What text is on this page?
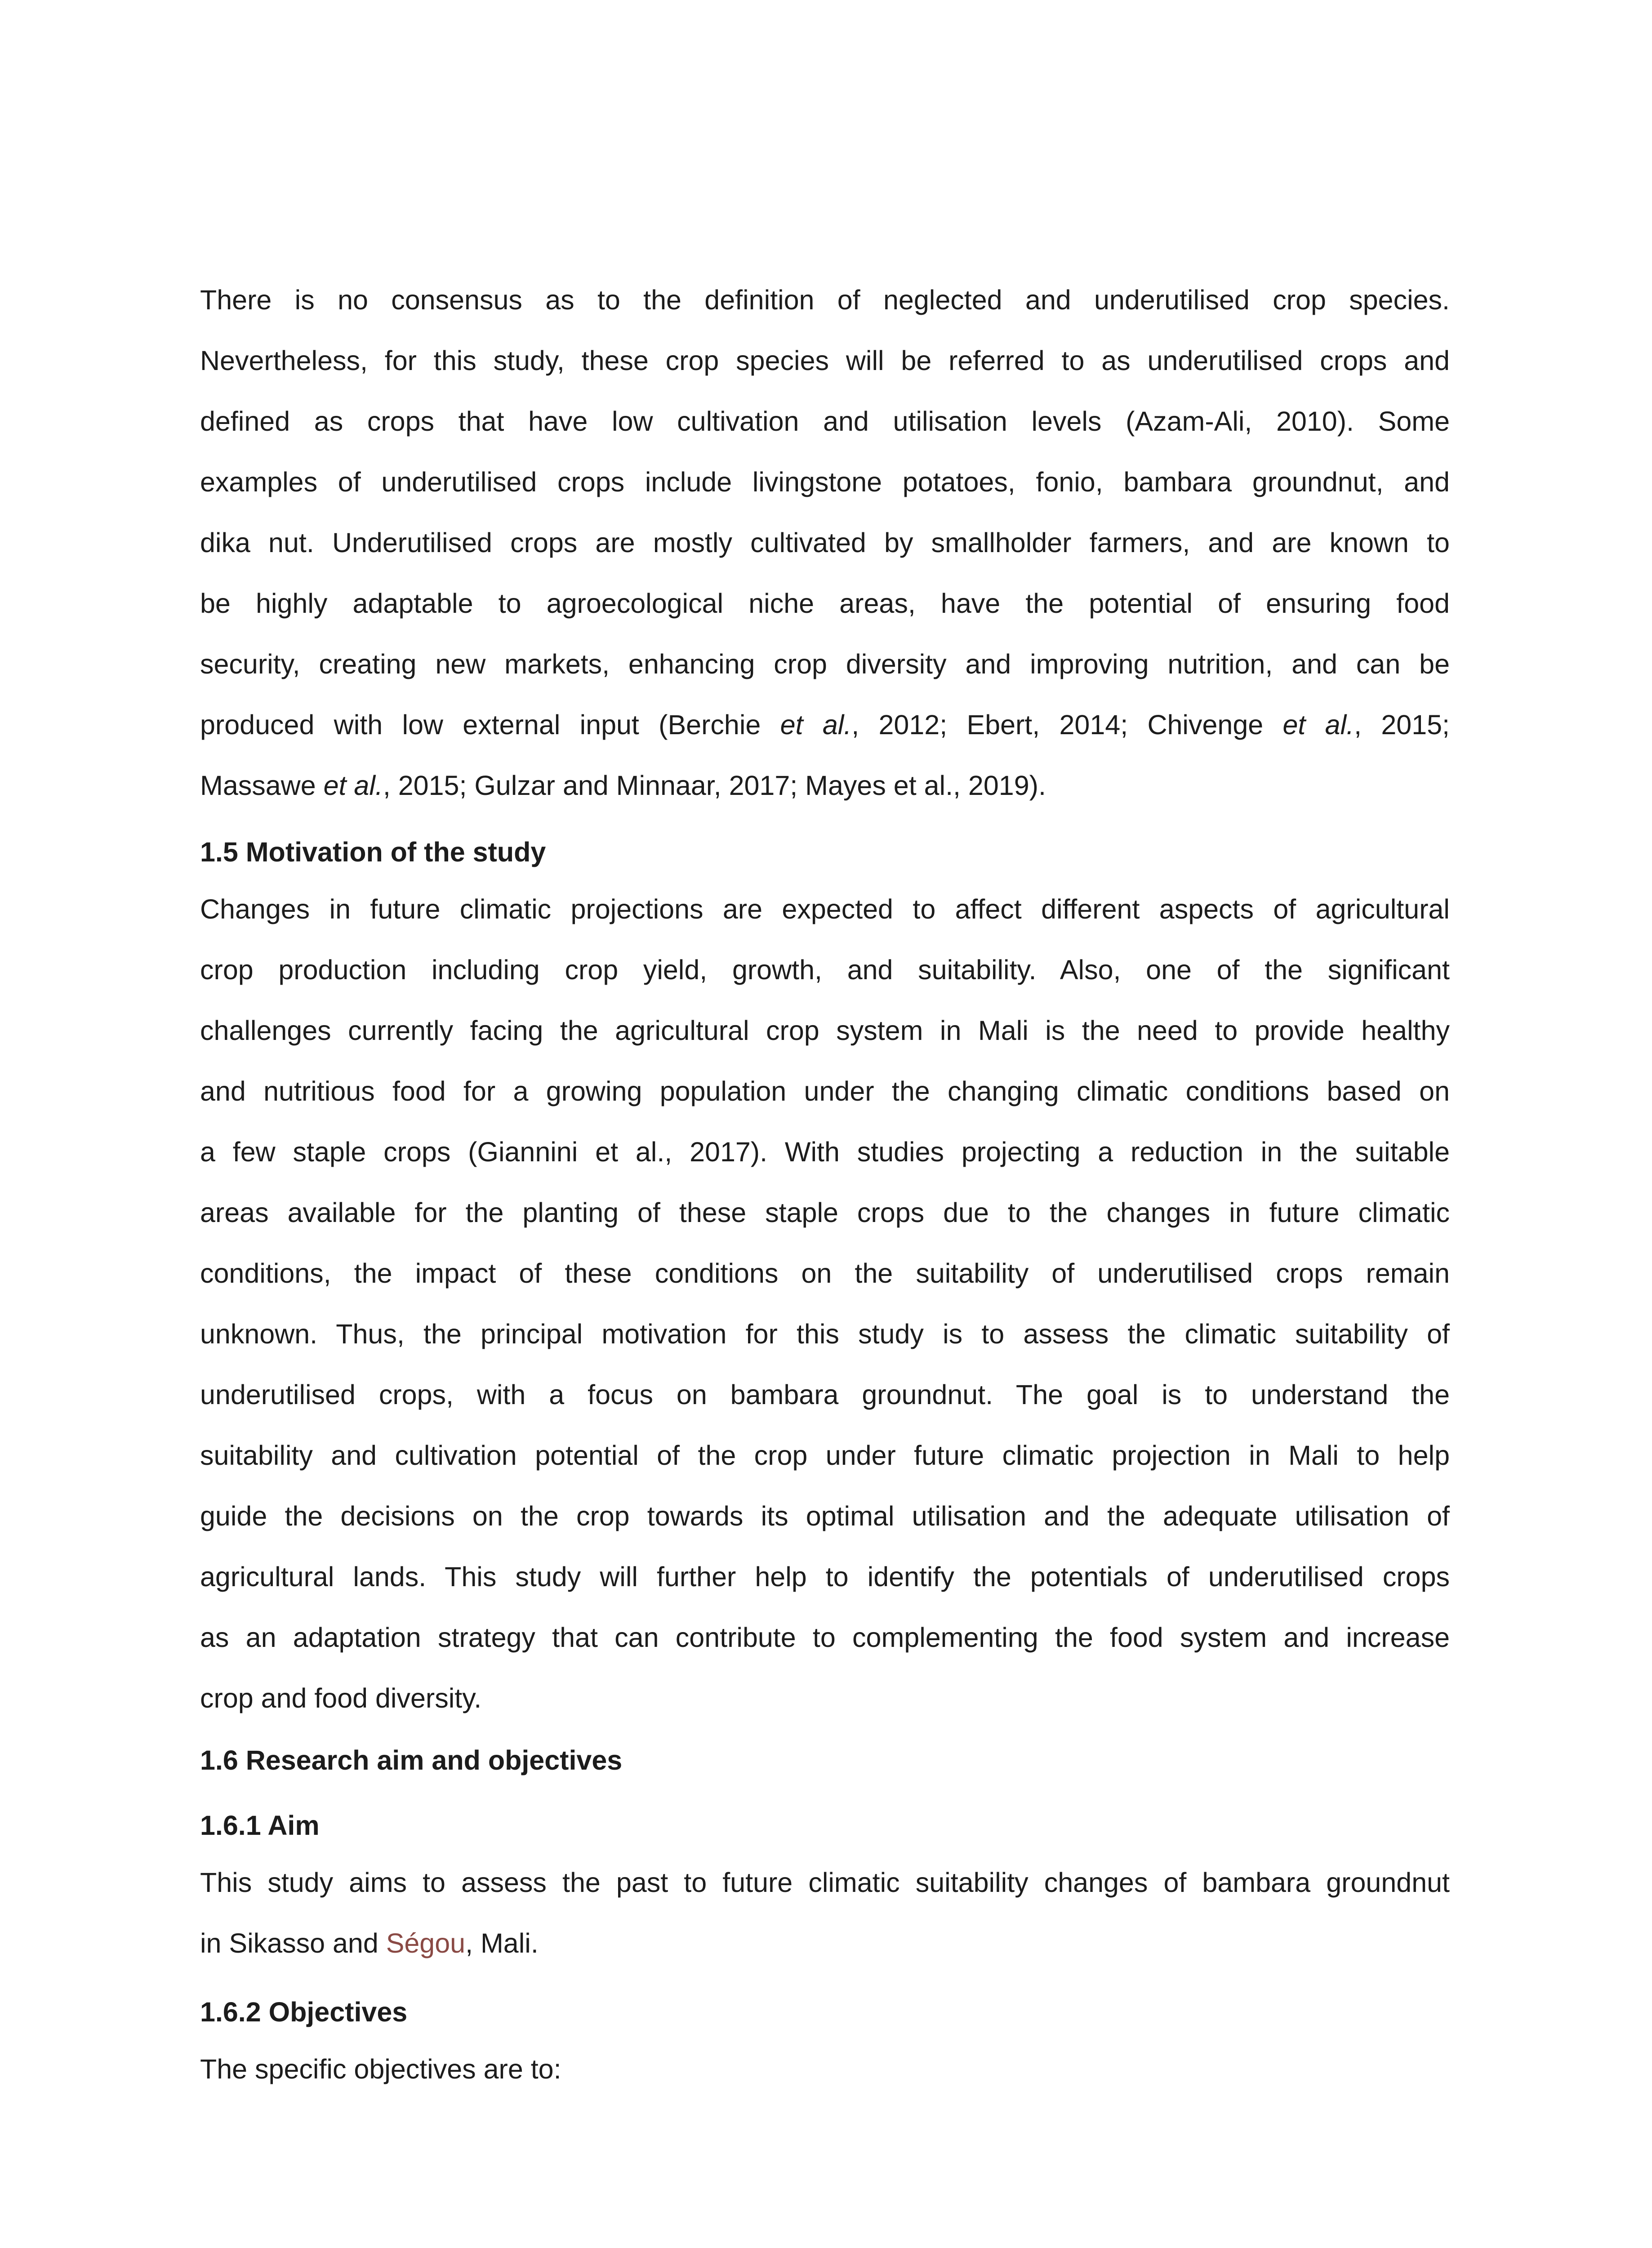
There is no consensus as to the definition of neglected and underutilised crop species.
Nevertheless, for this study, these crop species will be referred to as underutilised crops and
defined as crops that have low cultivation and utilisation levels (Azam-Ali, 2010). Some
examples of underutilised crops include livingstone potatoes, fonio, bambara groundnut, and
dika nut. Underutilised crops are mostly cultivated by smallholder farmers, and are known to
be highly adaptable to agroecological niche areas, have the potential of ensuring food
security, creating new markets, enhancing crop diversity and improving nutrition, and can be
produced with low external input (Berchie et al., 2012; Ebert, 2014; Chivenge et al., 2015;
Massawe et al., 2015; Gulzar and Minnaar, 2017; Mayes et al., 2019).
1.5 Motivation of the study
Changes in future climatic projections are expected to affect different aspects of agricultural
crop production including crop yield, growth, and suitability. Also, one of the significant
challenges currently facing the agricultural crop system in Mali is the need to provide healthy
and nutritious food for a growing population under the changing climatic conditions based on
a few staple crops (Giannini et al., 2017). With studies projecting a reduction in the suitable
areas available for the planting of these staple crops due to the changes in future climatic
conditions, the impact of these conditions on the suitability of underutilised crops remain
unknown. Thus, the principal motivation for this study is to assess the climatic suitability of
underutilised crops, with a focus on bambara groundnut. The goal is to understand the
suitability and cultivation potential of the crop under future climatic projection in Mali to help
guide the decisions on the crop towards its optimal utilisation and the adequate utilisation of
agricultural lands. This study will further help to identify the potentials of underutilised crops
as an adaptation strategy that can contribute to complementing the food system and increase
crop and food diversity.
1.6 Research aim and objectives
1.6.1 Aim
This study aims to assess the past to future climatic suitability changes of bambara groundnut
in Sikasso and Ségou, Mali.
1.6.2 Objectives
The specific objectives are to:
